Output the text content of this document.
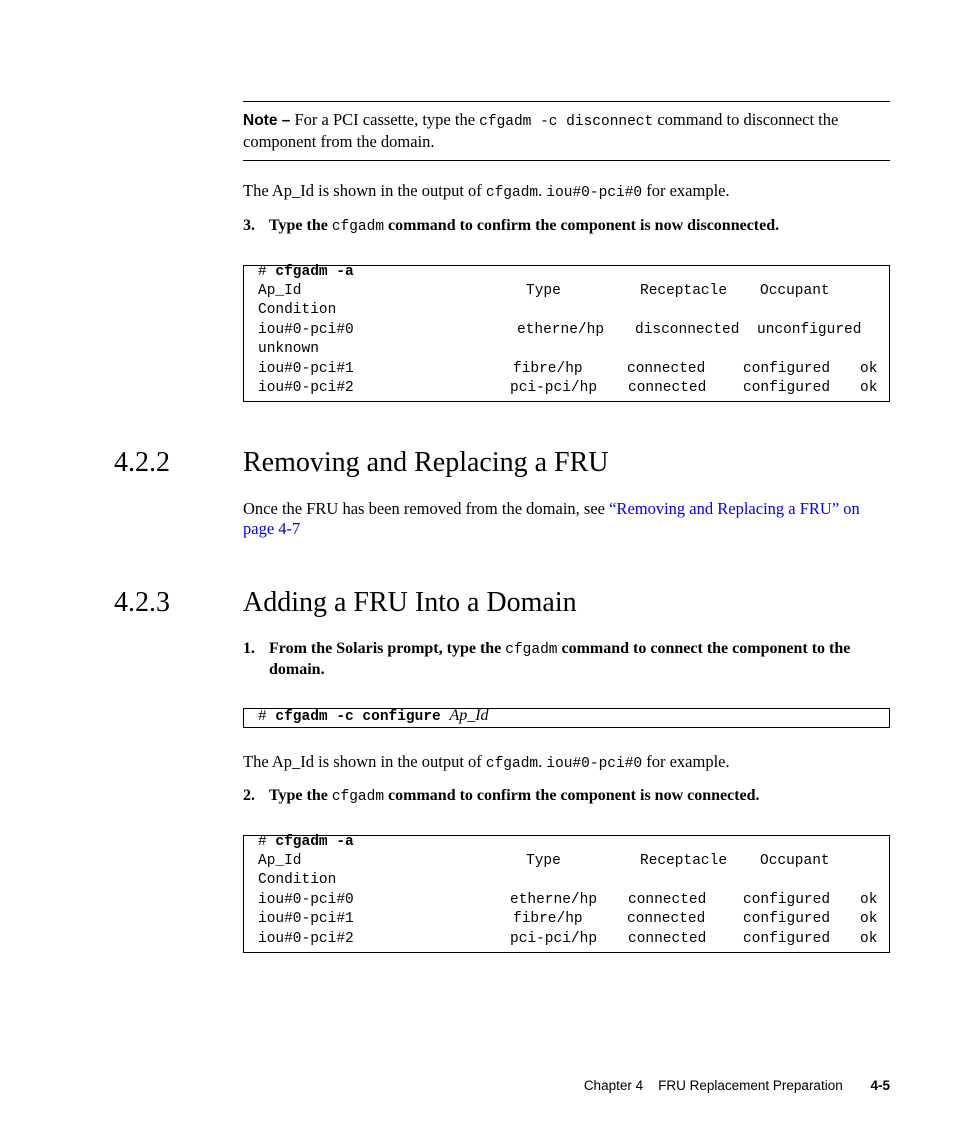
Note – For a PCI cassette, type the cfgadm -c disconnect command to disconnect the component from the domain.
The Ap_Id is shown in the output of cfgadm. iou#0-pci#0 for example.
3. Type the cfgadm command to confirm the component is now disconnected.
# cfgadm -a
Ap_Id	Type	Receptacle Occupant
Condition
iou#0-pci#0	etherne/hp disconnected unconfigured
unknown
iou#0-pci#1	fibre/hp	connected	configured ok
iou#0-pci#2	pci-pci/hp connected	configured ok
4.2.2	Removing and Replacing a FRU
Once the FRU has been removed from the domain, see “Removing and Replacing a FRU” on page 4-7
4.2.3	Adding a FRU Into a Domain
1. From the Solaris prompt, type the cfgadm command to connect the component to the domain.
# cfgadm -c configure Ap_Id
The Ap_Id is shown in the output of cfgadm. iou#0-pci#0 for example.
2. Type the cfgadm command to confirm the component is now connected.
# cfgadm -a
Ap_Id	Type	Receptacle Occupant
Condition
iou#0-pci#0	etherne/hp connected	configured ok
iou#0-pci#1	fibre/hp	connected	configured ok
iou#0-pci#2	pci-pci/hp connected	configured ok
Chapter 4 FRU Replacement Preparation 4-5
